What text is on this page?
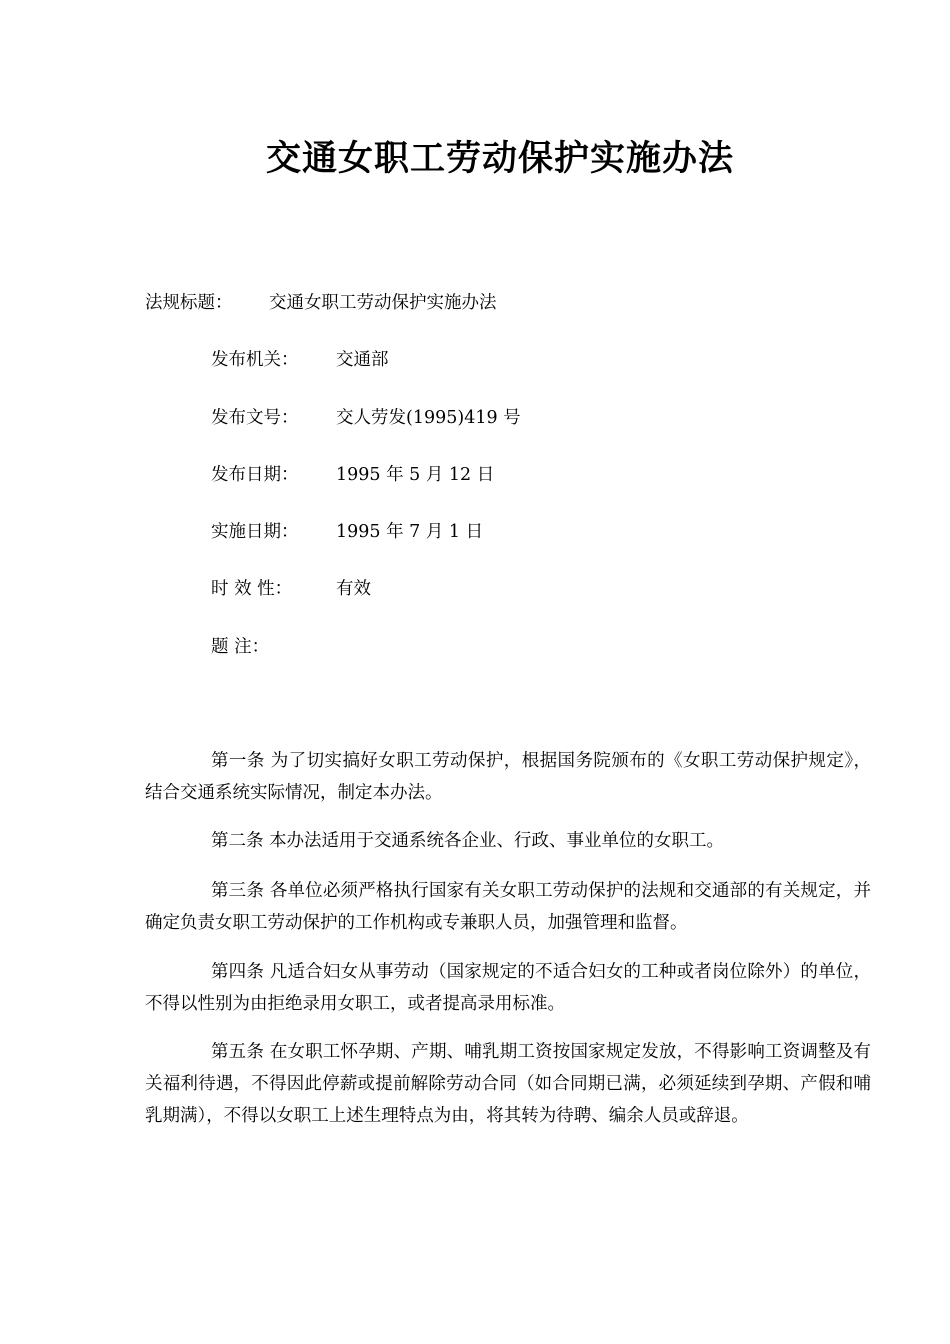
交通女职工劳动保护实施办法
法规标题： 交通女职工劳动保护实施办法
发布机关： 交通部
发布文号： 交人劳发(1995)419 号
发布日期： 1995 年 5 月 12 日
实施日期： 1995 年 7 月 1 日
时 效 性：	有效
题 注：

第一条 为了切实搞好女职工劳动保护，根据国务院颁布的《女职工劳动保护规定》，结合交通系统实际情况，制定本办法。

第二条 本办法适用于交通系统各企业、行政、事业单位的女职工。

第三条 各单位必须严格执行国家有关女职工劳动保护的法规和交通部的有关规定，并确定负责女职工劳动保护的工作机构或专兼职人员，加强管理和监督。

第四条 凡适合妇女从事劳动（国家规定的不适合妇女的工种或者岗位除外）的单位，不得以性别为由拒绝录用女职工，或者提高录用标准。

第五条 在女职工怀孕期、产期、哺乳期工资按国家规定发放，不得影响工资调整及有关福利待遇，不得因此停薪或提前解除劳动合同（如合同期已满，必须延续到孕期、产假和哺乳期满），不得以女职工上述生理特点为由，将其转为待聘、编余人员或辞退。
